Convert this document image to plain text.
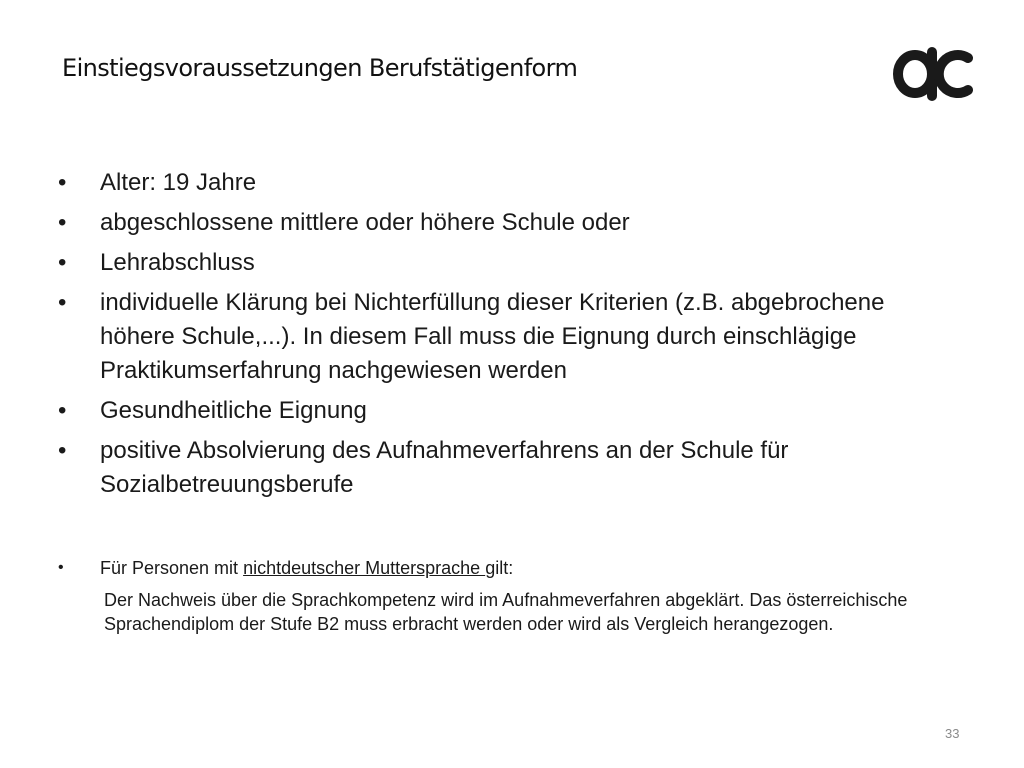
Einstiegsvoraussetzungen Berufstätigenform
• Alter: 19 Jahre
• abgeschlossene mittlere oder höhere Schule oder
• Lehrabschluss
• individuelle Klärung bei Nichterfüllung dieser Kriterien (z.B. abgebrochene höhere Schule,...). In diesem Fall muss die Eignung durch einschlägige Praktikumserfahrung nachgewiesen werden
• Gesundheitliche Eignung
• positive Absolvierung des Aufnahmeverfahrens an der Schule für Sozialbetreuungsberufe
• Für Personen mit nichtdeutscher Muttersprache gilt:
Der Nachweis über die Sprachkompetenz wird im Aufnahmeverfahren abgeklärt. Das österreichische Sprachendiplom der Stufe B2 muss erbracht werden oder wird als Vergleich herangezogen.
33
